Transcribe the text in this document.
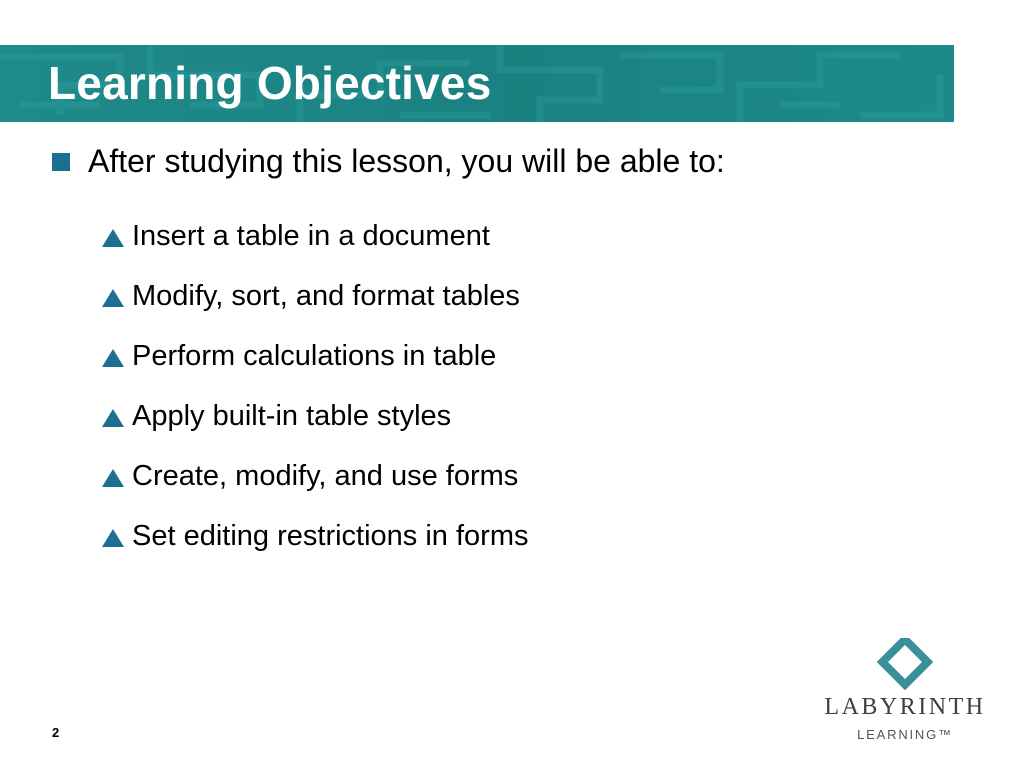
Learning Objectives
After studying this lesson, you will be able to:
Insert a table in a document
Modify, sort, and format tables
Perform calculations in table
Apply built-in table styles
Create, modify, and use forms
Set editing restrictions in forms
2
LABYRINTH
LEARNING™
